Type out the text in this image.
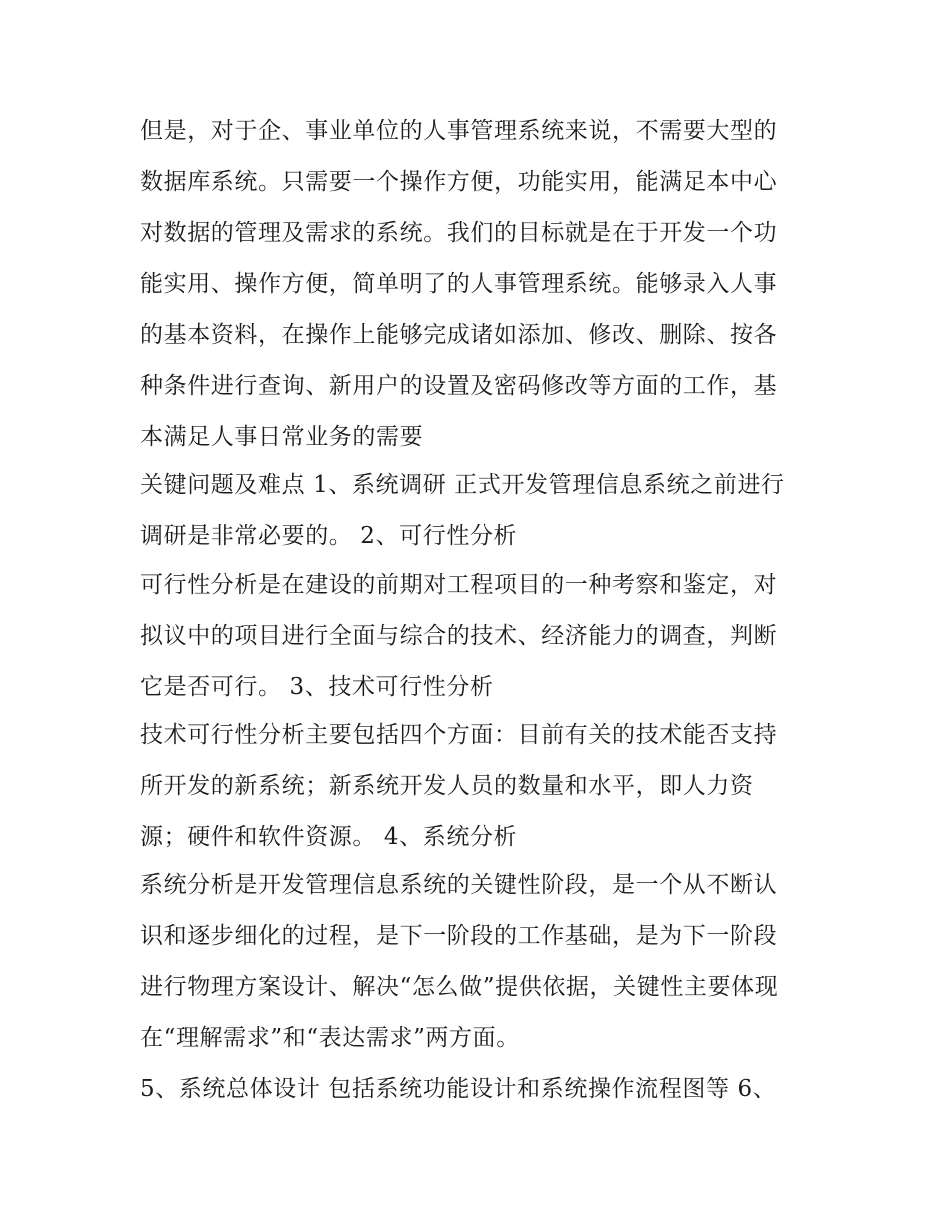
但是，对于企、事业单位的人事管理系统来说，不需要大型的
数据库系统。只需要一个操作方便，功能实用，能满足本中心
对数据的管理及需求的系统。我们的目标就是在于开发一个功
能实用、操作方便，简单明了的人事管理系统。能够录入人事
的基本资料，在操作上能够完成诸如添加、修改、删除、按各
种条件进行查询、新用户的设置及密码修改等方面的工作，基
本满足人事日常业务的需要
关键问题及难点 1、系统调研 正式开发管理信息系统之前进行
调研是非常必要的。 2、可行性分析
可行性分析是在建设的前期对工程项目的一种考察和鉴定，对
拟议中的项目进行全面与综合的技术、经济能力的调查，判断
它是否可行。 3、技术可行性分析
技术可行性分析主要包括四个方面：目前有关的技术能否支持
所开发的新系统；新系统开发人员的数量和水平，即人力资
源；硬件和软件资源。 4、系统分析
系统分析是开发管理信息系统的关键性阶段，是一个从不断认
识和逐步细化的过程，是下一阶段的工作基础，是为下一阶段
进行物理方案设计、解决“怎么做”提供依据，关键性主要体现
在“理解需求”和“表达需求”两方面。
5、系统总体设计 包括系统功能设计和系统操作流程图等 6、
